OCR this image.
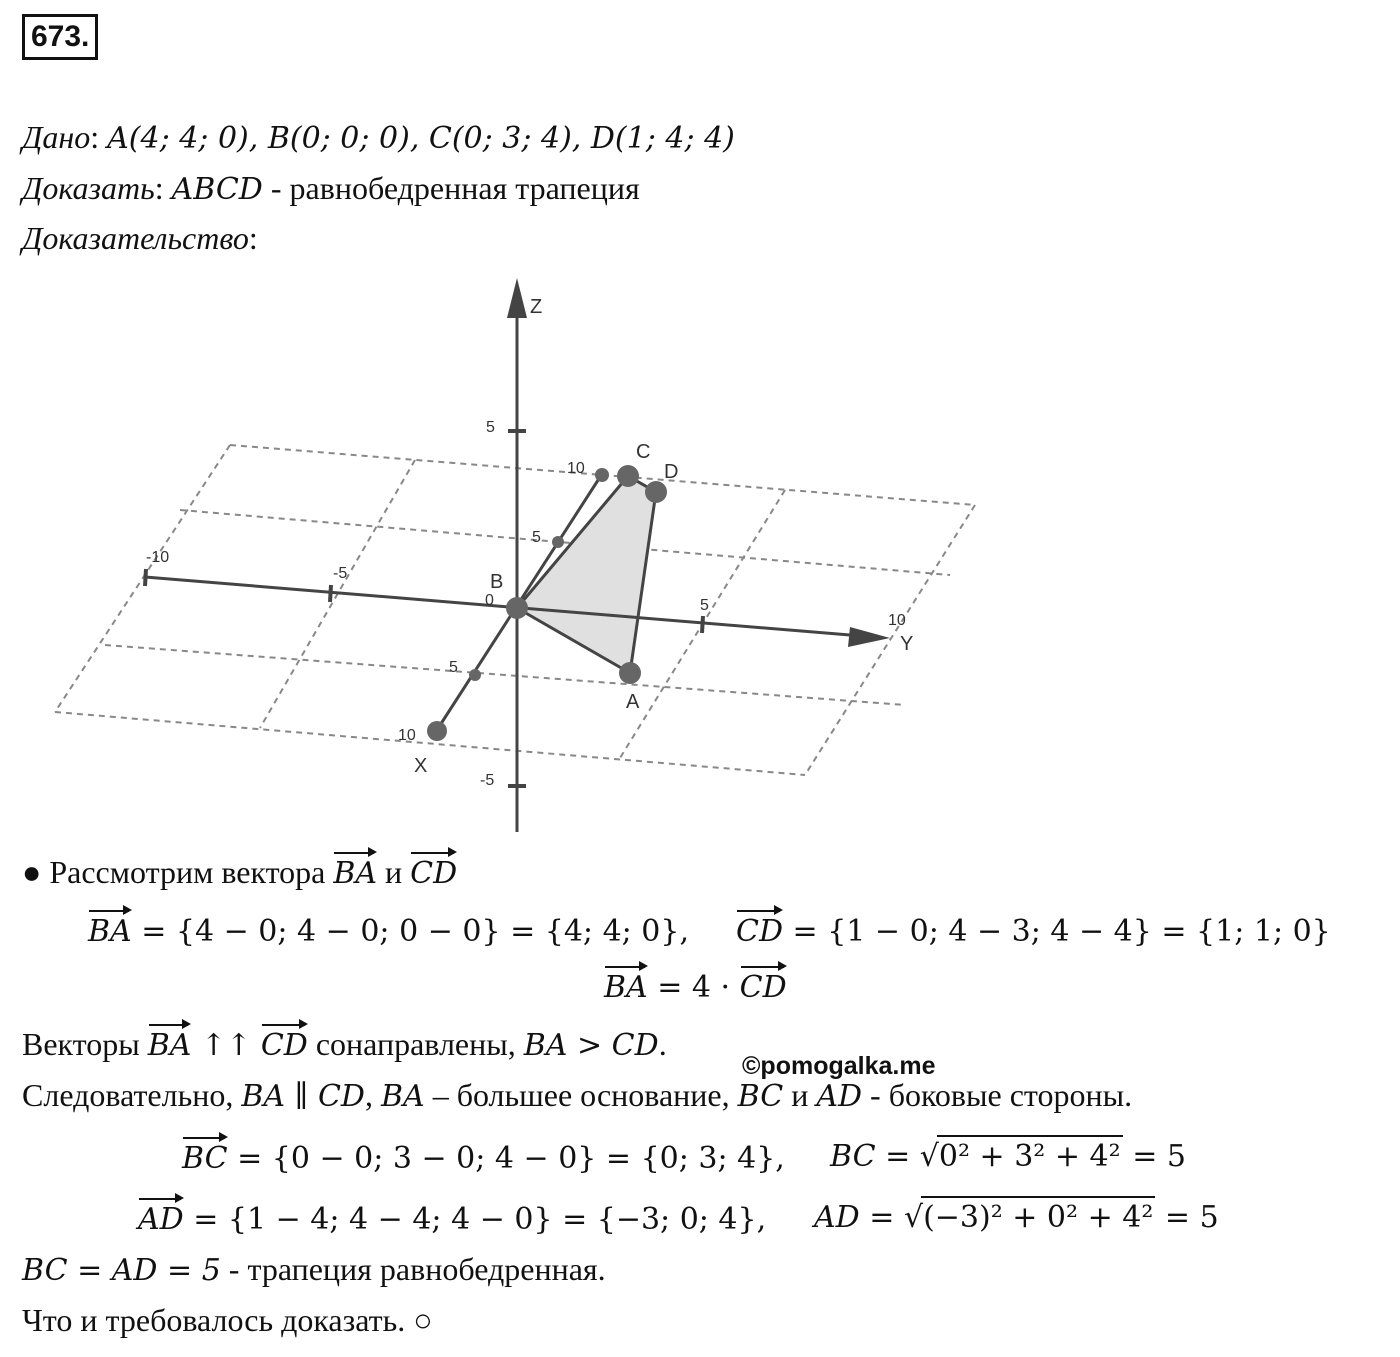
673.
Дано: A(4; 4; 0), B(0; 0; 0), C(0; 3; 4), D(1; 4; 4)
Доказать: ABCD - равнобедренная трапеция
Доказательство:
Z
Y
X
5
-5
-10
-5
0	5
10
5
10
10
5
B
C
D
A
● Рассмотрим вектора BA и CD
BA = {4 − 0; 4 − 0; 0 − 0} = {4; 4; 0}, CD = {1 − 0; 4 − 3; 4 − 4} = {1; 1; 0}
BA = 4 · CD
Векторы BA ↑↑ CD сонаправлены, BA > CD.
©pomogalka.me
Следовательно, BA ∥ CD, BA – большее основание, BC и AD - боковые стороны.
BC = {0 − 0; 3 − 0; 4 − 0} = {0; 3; 4}, BC = √0² + 3² + 4² = 5
AD = {1 − 4; 4 − 4; 4 − 0} = {−3; 0; 4}, AD = √(−3)² + 0² + 4² = 5
BC = AD = 5 - трапеция равнобедренная.
Что и требовалось доказать. ○
